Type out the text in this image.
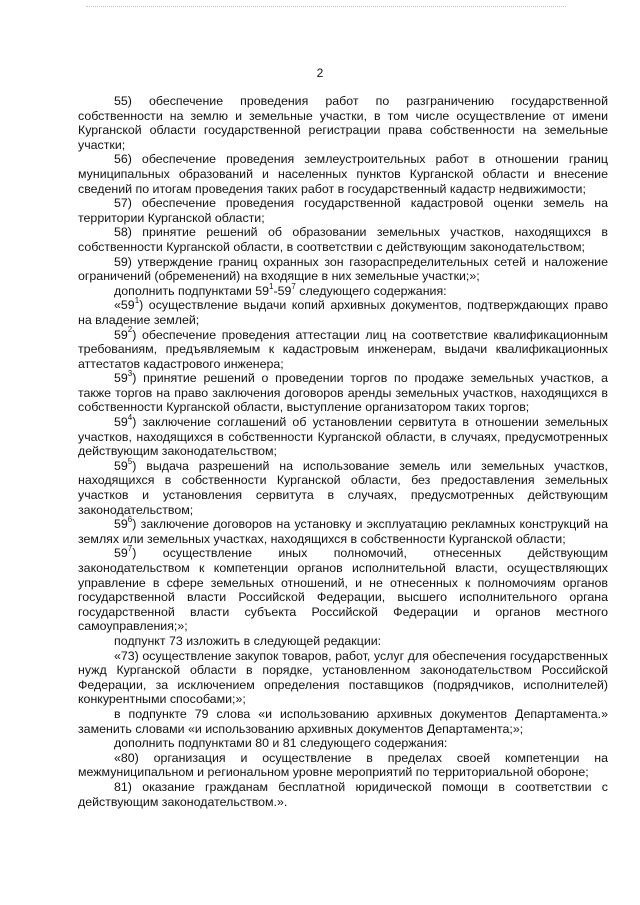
2

55) обеспечение проведения работ по разграничению государственной собственности на землю и земельные участки, в том числе осуществление от имени Курганской области государственной регистрации права собственности на земельные участки;

56) обеспечение проведения землеустроительных работ в отношении границ муниципальных образований и населенных пунктов Курганской области и внесение сведений по итогам проведения таких работ в государственный кадастр недвижимости;

57) обеспечение проведения государственной кадастровой оценки земель на территории Курганской области;

58) принятие решений об образовании земельных участков, находящихся в собственности Курганской области, в соответствии с действующим законодательством;

59) утверждение границ охранных зон газораспределительных сетей и наложение ограничений (обременений) на входящие в них земельные участки;»;

дополнить подпунктами $59^1-59^7$ следующего содержания:

«$59^1$) осуществление выдачи копий архивных документов, подтверждающих право на владение землей;

$59^2$) обеспечение проведения аттестации лиц на соответствие квалификационным требованиям, предъявляемым к кадастровым инженерам, выдачи квалификационных аттестатов кадастрового инженера;

$59^3$) принятие решений о проведении торгов по продаже земельных участков, а также торгов на право заключения договоров аренды земельных участков, находящихся в собственности Курганской области, выступление организатором таких торгов;

$59^4$) заключение соглашений об установлении сервитута в отношении земельных участков, находящихся в собственности Курганской области, в случаях, предусмотренных действующим законодательством;

$59^5$) выдача разрешений на использование земель или земельных участков, находящихся в собственности Курганской области, без предоставления земельных участков и установления сервитута в случаях, предусмотренных действующим законодательством;

$59^6$) заключение договоров на установку и эксплуатацию рекламных конструкций на землях или земельных участках, находящихся в собственности Курганской области;

$59^7$) осуществление иных полномочий, отнесенных действующим законодательством к компетенции органов исполнительной власти, осуществляющих управление в сфере земельных отношений, и не отнесенных к полномочиям органов государственной власти Российской Федерации, высшего исполнительного органа государственной власти субъекта Российской Федерации и органов местного самоуправления;»;

подпункт 73 изложить в следующей редакции:

«73) осуществление закупок товаров, работ, услуг для обеспечения государственных нужд Курганской области в порядке, установленном законодательством Российской Федерации, за исключением определения поставщиков (подрядчиков, исполнителей) конкурентными способами;»;

в подпункте 79 слова «и использованию архивных документов Департамента.» заменить словами «и использованию архивных документов Департамента;»;

дополнить подпунктами 80 и 81 следующего содержания:

«80) организация и осуществление в пределах своей компетенции на межмуниципальном и региональном уровне мероприятий по территориальной обороне;

81) оказание гражданам бесплатной юридической помощи в соответствии с действующим законодательством.».
